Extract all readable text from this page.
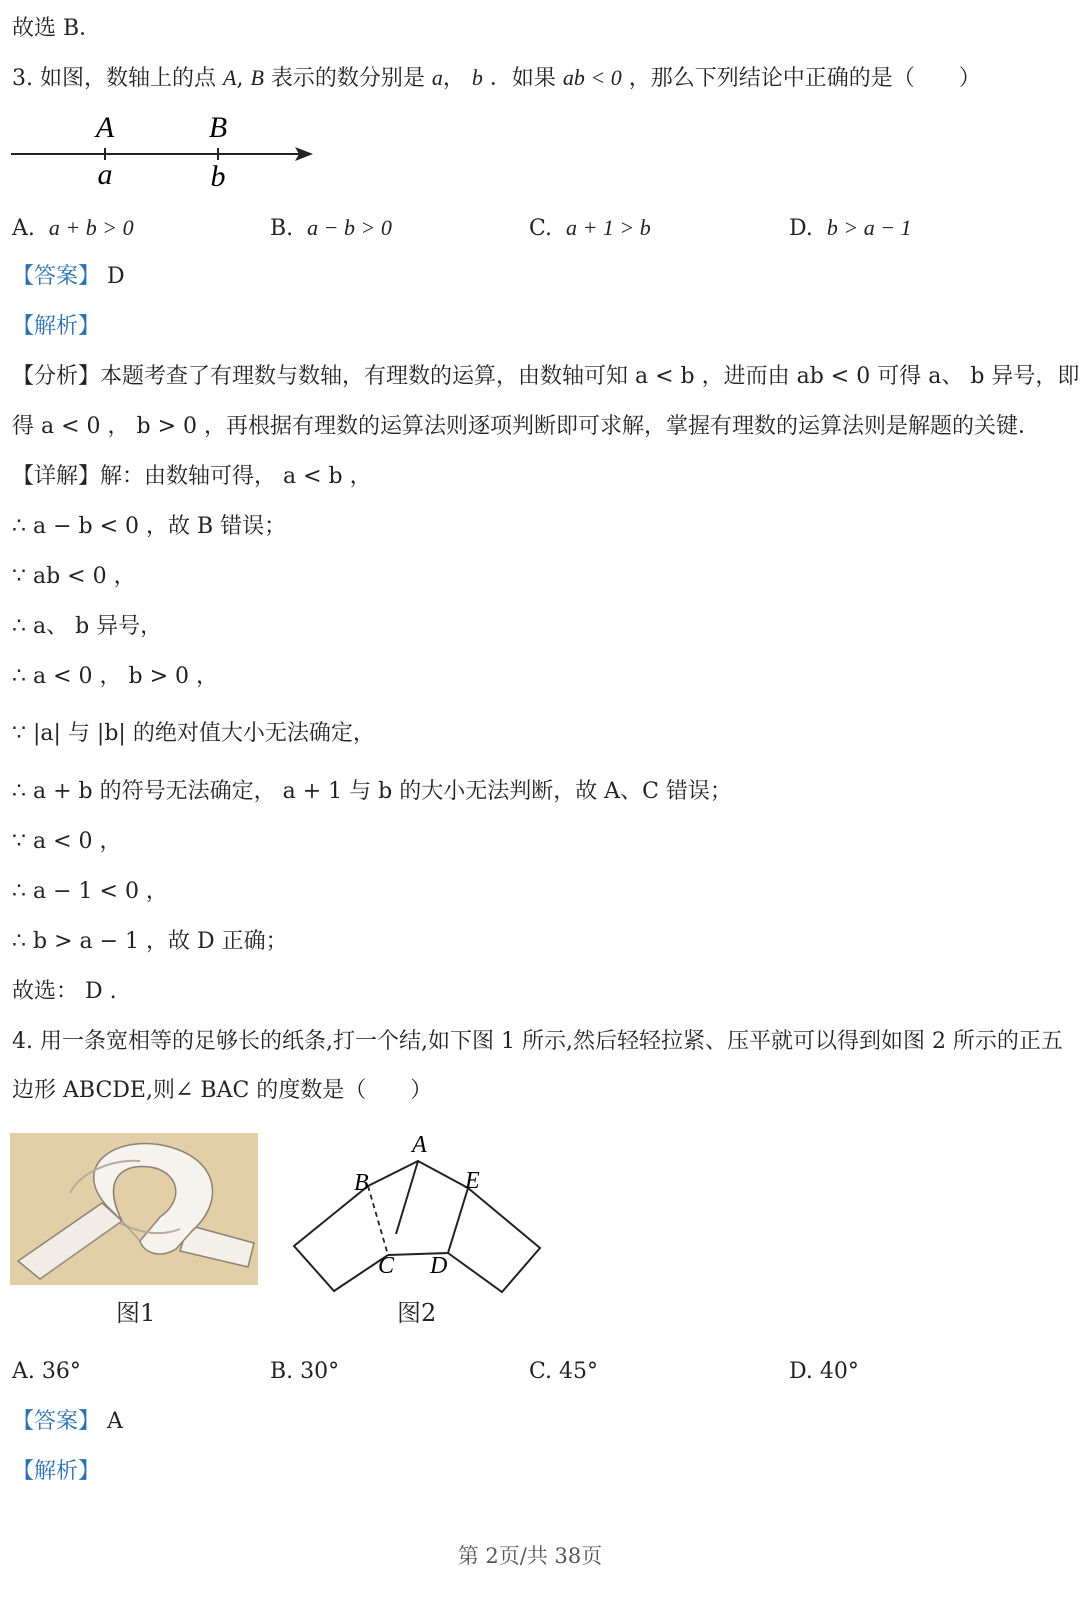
故选 B．
3. 如图，数轴上的点 A, B 表示的数分别是 a， b ．如果 ab < 0 ，那么下列结论中正确的是（　　）
A	B
a	b
A. a + b > 0	B. a − b > 0	C. a + 1 > b	D. b > a − 1
【答案】 D
【解析】
【分析】本题考查了有理数与数轴，有理数的运算，由数轴可知 a < b ，进而由 ab < 0 可得 a、 b 异号，即
得 a < 0 ， b > 0 ，再根据有理数的运算法则逐项判断即可求解，掌握有理数的运算法则是解题的关键．
【详解】解：由数轴可得， a < b ，
∴ a − b < 0 ，故 B 错误；
∵ ab < 0 ，
∴ a、 b 异号，
∴ a < 0 ， b > 0 ，
∵ |a| 与 |b| 的绝对值大小无法确定，
∴ a + b 的符号无法确定， a + 1 与 b 的大小无法判断，故 A、C 错误；
∵ a < 0 ，
∴ a − 1 < 0 ，
∴ b > a − 1 ，故 D 正确；
故选： D .
4. 用一条宽相等的足够长的纸条,打一个结,如下图 1 所示,然后轻轻拉紧、压平就可以得到如图 2 所示的正五
边形 ABCDE,则∠ BAC 的度数是（　　）
图1
A
B	E
C D
图2
A. 36°	B. 30°	C. 45°	D. 40°
【答案】 A
【解析】
第 2页/共 38页
